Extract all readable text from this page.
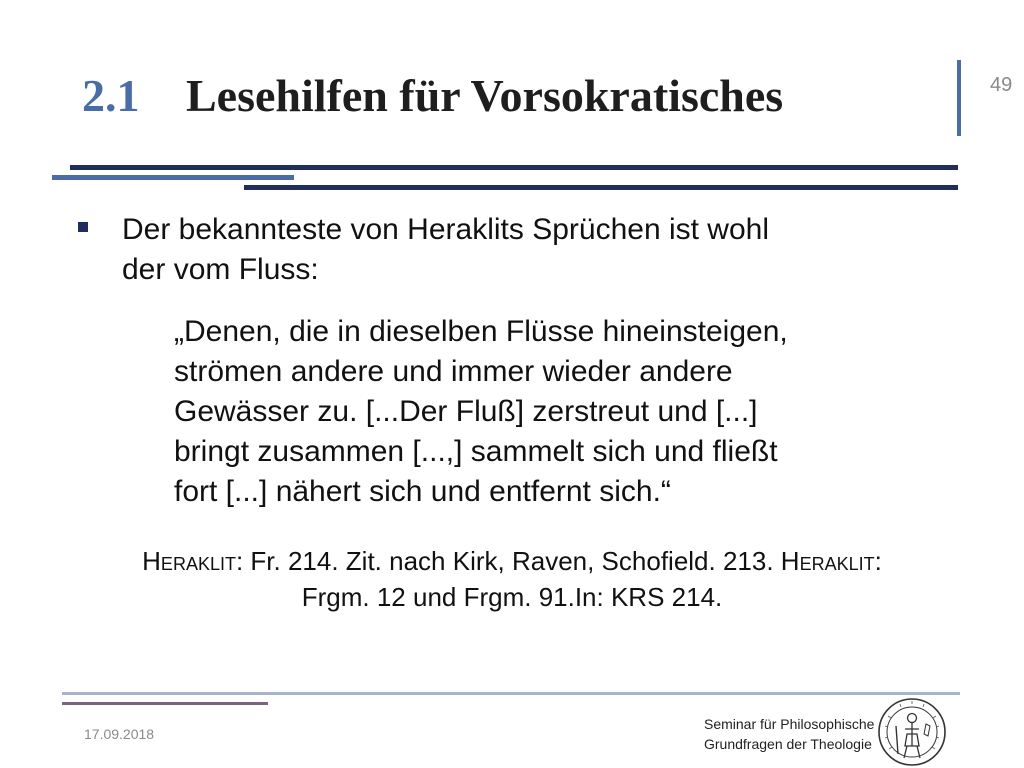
2.1 Lesehilfen für Vorsokratisches	49
Der bekannteste von Heraklits Sprüchen ist wohl
der vom Fluss:
„Denen, die in dieselben Flüsse hineinsteigen,
strömen andere und immer wieder andere
Gewässer zu. [...Der Fluß] zerstreut und [...]
bringt zusammen [...,] sammelt sich und fließt
fort [...] nähert sich und entfernt sich.“
Heraklit: Fr. 214. Zit. nach Kirk, Raven, Schofield. 213. Heraklit:
Frgm. 12 und Frgm. 91.In: KRS 214.
17.09.2018
Seminar für Philosophische
Grundfragen der Theologie
